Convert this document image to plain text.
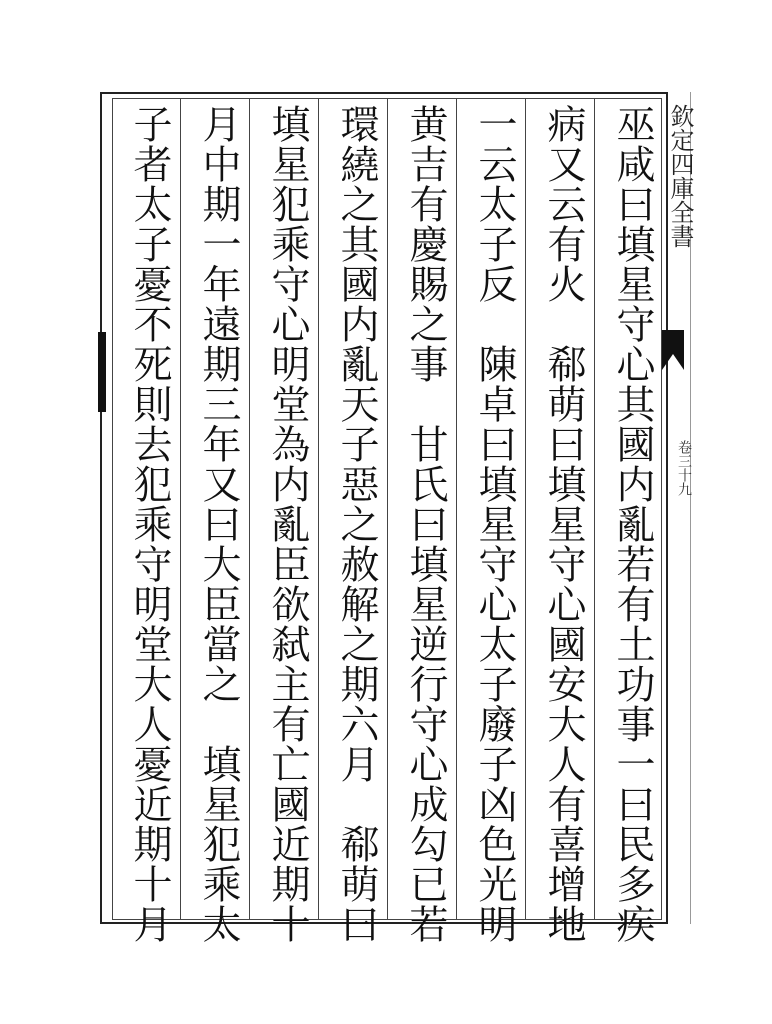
欽定四庫全書
卷三十九
巫咸曰填星守心其國内亂若有土功事一曰民多疾
病又云有火　郗萌曰填星守心國安大人有喜增地
一云太子反　陳卓曰填星守心太子廢子凶色光明
黄吉有慶賜之事　甘氏曰填星逆行守心成勾已若
環繞之其國内亂天子惡之赦解之期六月　郗萌曰
填星犯乘守心明堂為内亂臣欲弑主有亡國近期十
月中期一年遠期三年又曰大臣當之　填星犯乘太
子者太子憂不死則去犯乘守明堂大人憂近期十月
